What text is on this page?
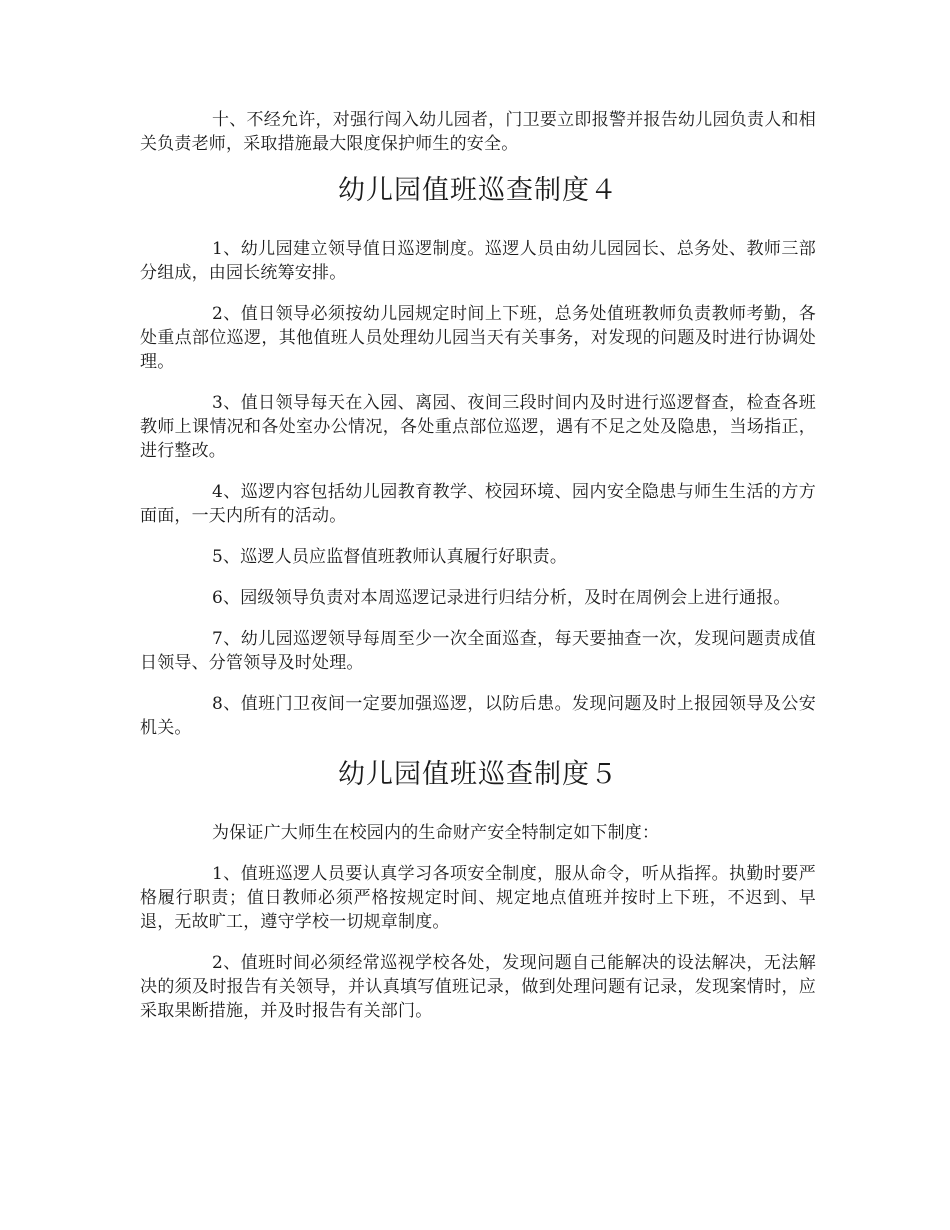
十、不经允许，对强行闯入幼儿园者，门卫要立即报警并报告幼儿园负责人和相关负责老师，采取措施最大限度保护师生的安全。

幼儿园值班巡查制度４

1、幼儿园建立领导值日巡逻制度。巡逻人员由幼儿园园长、总务处、教师三部分组成，由园长统筹安排。

2、值日领导必须按幼儿园规定时间上下班，总务处值班教师负责教师考勤，各处重点部位巡逻，其他值班人员处理幼儿园当天有关事务，对发现的问题及时进行协调处理。

3、值日领导每天在入园、离园、夜间三段时间内及时进行巡逻督查，检查各班教师上课情况和各处室办公情况，各处重点部位巡逻，遇有不足之处及隐患，当场指正，进行整改。

4、巡逻内容包括幼儿园教育教学、校园环境、园内安全隐患与师生生活的方方面面，一天内所有的活动。

5、巡逻人员应监督值班教师认真履行好职责。

6、园级领导负责对本周巡逻记录进行归结分析，及时在周例会上进行通报。

7、幼儿园巡逻领导每周至少一次全面巡查，每天要抽查一次，发现问题责成值日领导、分管领导及时处理。

8、值班门卫夜间一定要加强巡逻，以防后患。发现问题及时上报园领导及公安机关。

幼儿园值班巡查制度５

为保证广大师生在校园内的生命财产安全特制定如下制度：

1、值班巡逻人员要认真学习各项安全制度，服从命令，听从指挥。执勤时要严格履行职责；值日教师必须严格按规定时间、规定地点值班并按时上下班，不迟到、早退，无故旷工，遵守学校一切规章制度。

2、值班时间必须经常巡视学校各处，发现问题自己能解决的设法解决，无法解决的须及时报告有关领导，并认真填写值班记录，做到处理问题有记录，发现案情时，应采取果断措施，并及时报告有关部门。
